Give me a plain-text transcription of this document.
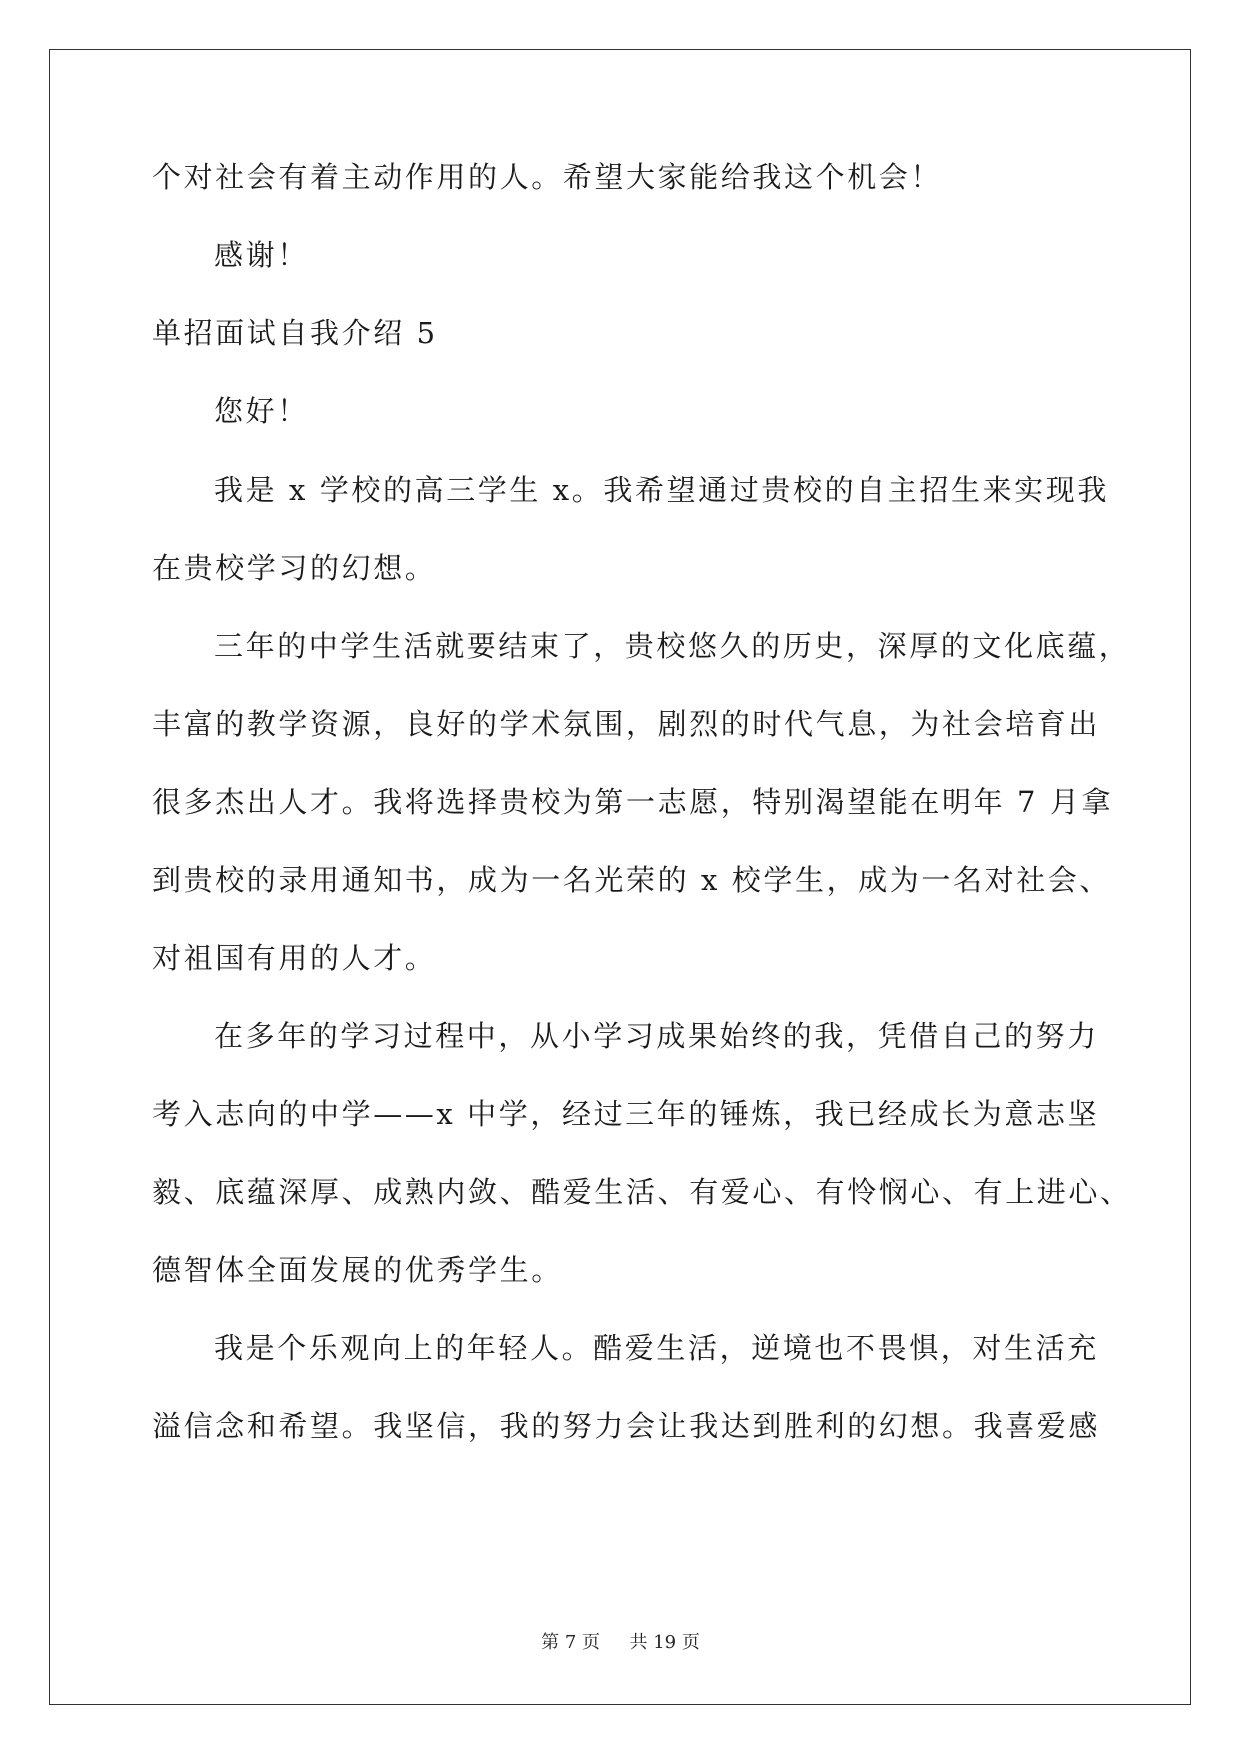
个对社会有着主动作用的人。希望大家能给我这个机会！
感谢！
单招面试自我介绍 5
您好！
我是 x 学校的高三学生 x。我希望通过贵校的自主招生来实现我
在贵校学习的幻想。
三年的中学生活就要结束了，贵校悠久的历史，深厚的文化底蕴，
丰富的教学资源，良好的学术氛围，剧烈的时代气息，为社会培育出
很多杰出人才。我将选择贵校为第一志愿，特别渴望能在明年 7 月拿
到贵校的录用通知书，成为一名光荣的 x 校学生，成为一名对社会、
对祖国有用的人才。
在多年的学习过程中，从小学习成果始终的我，凭借自己的努力
考入志向的中学——x 中学，经过三年的锤炼，我已经成长为意志坚
毅、底蕴深厚、成熟内敛、酷爱生活、有爱心、有怜悯心、有上进心、
德智体全面发展的优秀学生。
我是个乐观向上的年轻人。酷爱生活，逆境也不畏惧，对生活充
溢信念和希望。我坚信，我的努力会让我达到胜利的幻想。我喜爱感
第 7 页 共 19 页
